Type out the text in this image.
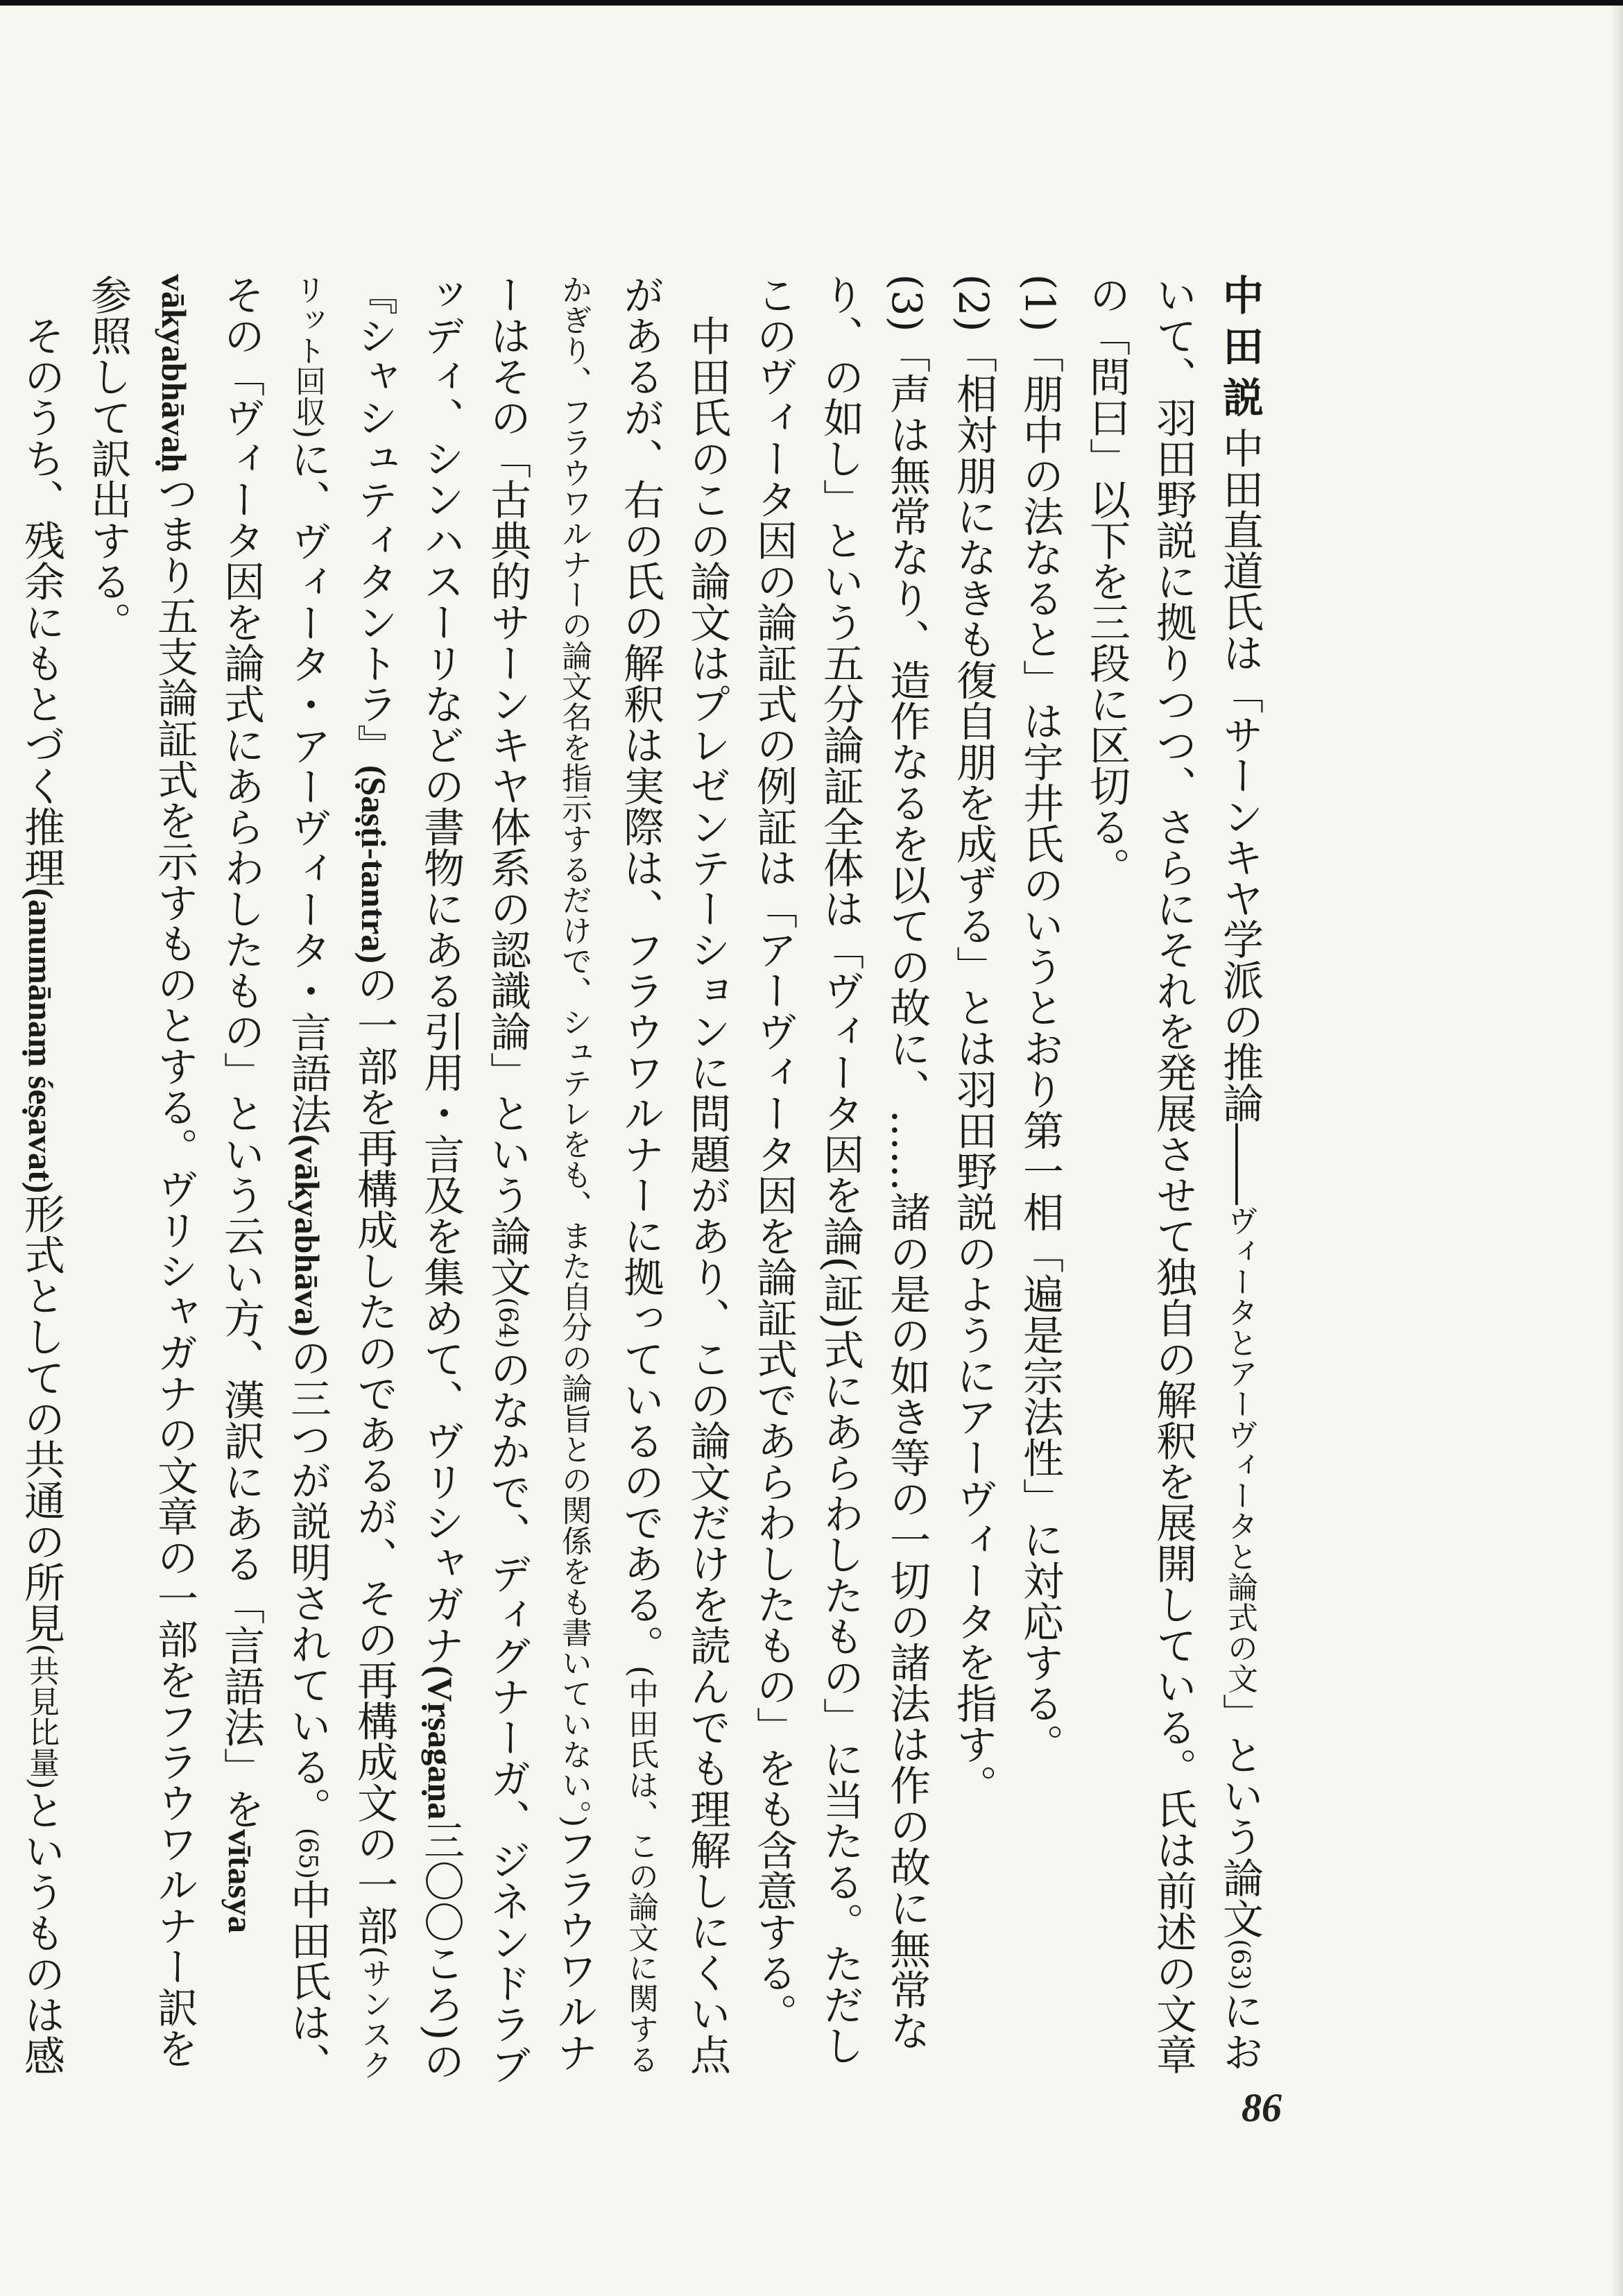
中田説中田直道氏は「サーンキヤ学派の推論――ヴィータとアーヴィータと論式の文」という論文(63)において、羽田野説に拠りつつ、さらにそれを発展させて独自の解釈を展開している。氏は前述の文章の「問曰」以下を三段に区切る。

(1)「朋中の法なると」は宇井氏のいうとおり第一相「遍是宗法性」に対応する。

(2)「相対朋になきも復自朋を成ずる」とは羽田野説のようにアーヴィータを指す。

(3)「声は無常なり、造作なるを以ての故に、……諸の是の如き等の一切の諸法は作の故に無常なり、の如し」という五分論証全体は「ヴィータ因を論(証)式にあらわしたもの」に当たる。ただしこのヴィータ因の論証式の例証は「アーヴィータ因を論証式であらわしたもの」をも含意する。

中田氏のこの論文はプレゼンテーションに問題があり、この論文だけを読んでも理解しにくい点があるが、右の氏の解釈は実際は、フラウワルナーに拠っているのである。(中田氏は、この論文に関するかぎり、フラウワルナーの論文名を指示するだけで、シュテレをも、また自分の論旨との関係をも書いていない。)フラウワルナーはその「古典的サーンキヤ体系の認識論」という論文(64)のなかで、ディグナーガ、ジネンドラブッディ、シンハスーリなどの書物にある引用・言及を集めて、ヴリシャガナ(Vṛṣagaṇa三〇〇ころ)の『シャシュティタントラ』(Ṣaṣṭi-tantra)の一部を再構成したのであるが、その再構成文の一部(サンスクリット回収)に、ヴィータ・アーヴィータ・言語法(vākyabhāva)の三つが説明されている。(65)中田氏は、その「ヴィータ因を論式にあらわしたもの」という云い方、漢訳にある「言語法」をvītasya vākyabhāvaḥつまり五支論証式を示すものとする。ヴリシャガナの文章の一部をフラウワルナー訳を参照して訳出する。

そのうち、残余にもとづく推理(anumānaṃ śeṣavat)形式としての共通の所見(共見比量)というものは感

86
